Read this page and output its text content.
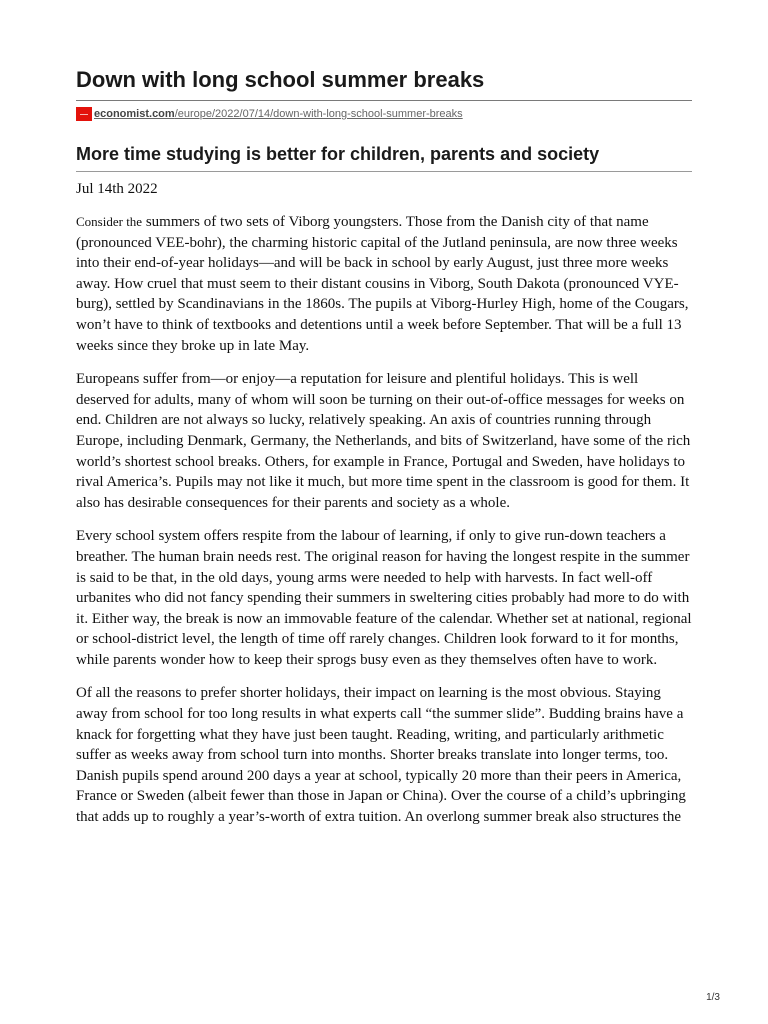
Down with long school summer breaks
economist.com/europe/2022/07/14/down-with-long-school-summer-breaks
More time studying is better for children, parents and society
Jul 14th 2022

Consider the summers of two sets of Viborg youngsters. Those from the Danish city of that name (pronounced VEE-bohr), the charming historic capital of the Jutland peninsula, are now three weeks into their end-of-year holidays—and will be back in school by early August, just three more weeks away. How cruel that must seem to their distant cousins in Viborg, South Dakota (pronounced VYE-burg), settled by Scandinavians in the 1860s. The pupils at Viborg-Hurley High, home of the Cougars, won’t have to think of textbooks and detentions until a week before September. That will be a full 13 weeks since they broke up in late May.

Europeans suffer from—or enjoy—a reputation for leisure and plentiful holidays. This is well deserved for adults, many of whom will soon be turning on their out-of-office messages for weeks on end. Children are not always so lucky, relatively speaking. An axis of countries running through Europe, including Denmark, Germany, the Netherlands, and bits of Switzerland, have some of the rich world’s shortest school breaks. Others, for example in France, Portugal and Sweden, have holidays to rival America’s. Pupils may not like it much, but more time spent in the classroom is good for them. It also has desirable consequences for their parents and society as a whole.

Every school system offers respite from the labour of learning, if only to give run-down teachers a breather. The human brain needs rest. The original reason for having the longest respite in the summer is said to be that, in the old days, young arms were needed to help with harvests. In fact well-off urbanites who did not fancy spending their summers in sweltering cities probably had more to do with it. Either way, the break is now an immovable feature of the calendar. Whether set at national, regional or school-district level, the length of time off rarely changes. Children look forward to it for months, while parents wonder how to keep their sprogs busy even as they themselves often have to work.

Of all the reasons to prefer shorter holidays, their impact on learning is the most obvious. Staying away from school for too long results in what experts call “the summer slide”. Budding brains have a knack for forgetting what they have just been taught. Reading, writing, and particularly arithmetic suffer as weeks away from school turn into months. Shorter breaks translate into longer terms, too. Danish pupils spend around 200 days a year at school, typically 20 more than their peers in America, France or Sweden (albeit fewer than those in Japan or China). Over the course of a child’s upbringing that adds up to roughly a year’s-worth of extra tuition. An overlong summer break also structures the

1/3
